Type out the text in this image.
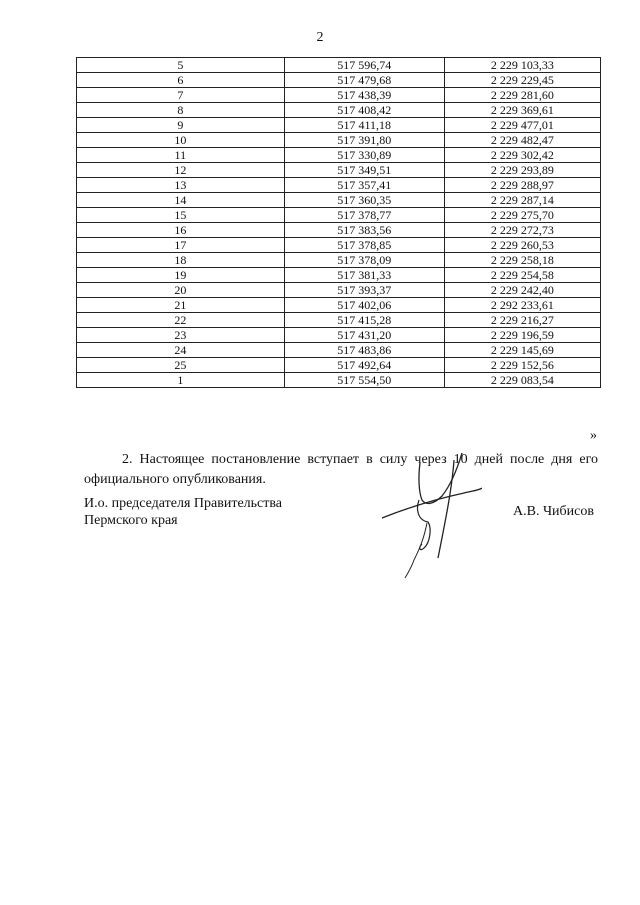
2
5	517 596,74	2 229 103,33
6	517 479,68	2 229 229,45
7	517 438,39	2 229 281,60
8	517 408,42	2 229 369,61
9	517 411,18	2 229 477,01
10	517 391,80	2 229 482,47
11	517 330,89	2 229 302,42
12	517 349,51	2 229 293,89
13	517 357,41	2 229 288,97
14	517 360,35	2 229 287,14
15	517 378,77	2 229 275,70
16	517 383,56	2 229 272,73
17	517 378,85	2 229 260,53
18	517 378,09	2 229 258,18
19	517 381,33	2 229 254,58
20	517 393,37	2 229 242,40
21	517 402,06	2 292 233,61
22	517 415,28	2 229 216,27
23	517 431,20	2 229 196,59
24	517 483,86	2 229 145,69
25	517 492,64	2 229 152,56
1	517 554,50	2 229 083,54
»

2. Настоящее постановление вступает в силу через 10 дней после дня его официального опубликования.

И.о. председателя Правительства
Пермского края
А.В. Чибисов
